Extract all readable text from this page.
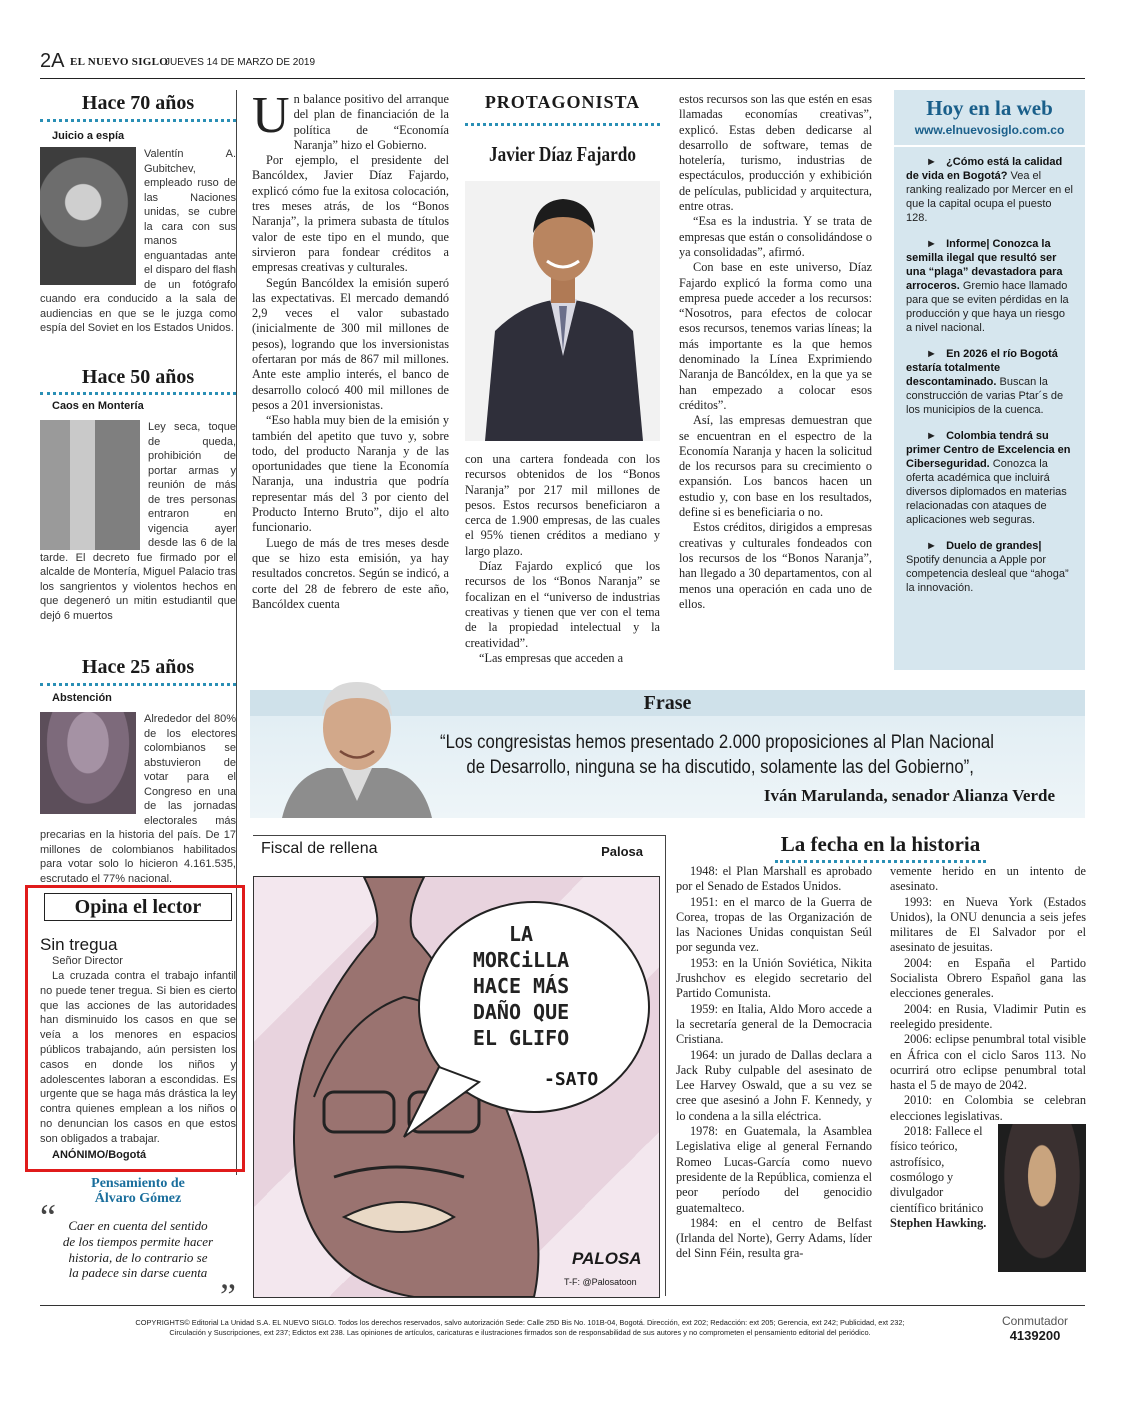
2A EL NUEVO SIGLO
JUEVES 14 DE MARZO DE 2019
Hace 70 años
Juicio a espía
Valentín A. Gubitchev, empleado ruso de las Naciones unidas, se cubre la cara con sus manos enguantadas ante el disparo del flash de un fotógrafo cuando era conducido a la sala de audiencias en que se le juzga como espía del Soviet en los Estados Unidos.
Hace 50 años
Caos en Montería
Ley seca, toque de queda, prohibición de portar armas y reunión de más de tres personas entraron en vigencia ayer desde las 6 de la tarde. El decreto fue firmado por el alcalde de Montería, Miguel Palacio tras los sangrientos y violentos hechos en que degeneró un mitin estudiantil que dejó 6 muertos
Hace 25 años
Abstención
Alrededor del 80% de los electores colombianos se abstuvieron de votar para el Congreso en una de las jornadas electorales más precarias en la historia del país. De 17 millones de colombianos habilitados para votar solo lo hicieron 4.161.535, escrutado el 77% nacional.
Opina el lector
Sin tregua
Señor Director
La cruzada contra el trabajo infantil no puede tener tregua. Si bien es cierto que las acciones de las autoridades han disminuido los casos en que se veía a los menores en espacios públicos trabajando, aún persisten los casos en donde los niños y adolescentes laboran a escondidas. Es urgente que se haga más drástica la ley contra quienes emplean a los niños o no denuncian los casos en que estos son obligados a trabajar.
ANÓNIMO/Bogotá
Pensamiento de
Álvaro Gómez
“ Caer en cuenta del sentido de los tiempos permite hacer historia, de lo contrario se la padece sin darse cuenta
”

Un balance positivo del arranque del plan de financiación de la política de “Economía Naranja” hizo el Gobierno.

Por ejemplo, el presidente del Bancóldex, Javier Díaz Fajardo, explicó cómo fue la exitosa colocación, tres meses atrás, de los “Bonos Naranja”, la primera subasta de títulos valor de este tipo en el mundo, que sirvieron para fondear créditos a empresas creativas y culturales.

Según Bancóldex la emisión superó las expectativas. El mercado demandó 2,9 veces el valor subastado (inicialmente de 300 mil millones de pesos), logrando que los inversionistas ofertaran por más de 867 mil millones. Ante este amplio interés, el banco de desarrollo colocó 400 mil millones de pesos a 201 inversionistas.

“Eso habla muy bien de la emisión y también del apetito que tuvo y, sobre todo, del producto Naranja y de las oportunidades que tiene la Economía Naranja, una industria que podría representar más del 3 por ciento del Producto Interno Bruto”, dijo el alto funcionario.

Luego de más de tres meses desde que se hizo esta emisión, ya hay resultados concretos. Según se indicó, a corte del 28 de febrero de este año, Bancóldex cuenta

PROTAGONISTA
Javier Díaz Fajardo

con una cartera fondeada con los recursos obtenidos de los “Bonos Naranja” por 217 mil millones de pesos. Estos recursos beneficiaron a cerca de 1.900 empresas, de las cuales el 95% tienen créditos a mediano y largo plazo.

Díaz Fajardo explicó que los recursos de los “Bonos Naranja” se focalizan en el “universo de industrias creativas y tienen que ver con el tema de la propiedad intelectual y la creatividad”.

“Las empresas que acceden a

estos recursos son las que estén en esas llamadas economías creativas”, explicó. Estas deben dedicarse al desarrollo de software, temas de hotelería, turismo, industrias de espectáculos, producción y exhibición de películas, publicidad y arquitectura, entre otras.

“Esa es la industria. Y se trata de empresas que están o consolidándose o ya consolidadas”, afirmó.

Con base en este universo, Díaz Fajardo explicó la forma como una empresa puede acceder a los recursos: “Nosotros, para efectos de colocar esos recursos, tenemos varias líneas; la más importante es la que hemos denominado la Línea Exprimiendo Naranja de Bancóldex, en la que ya se han empezado a colocar esos créditos”.

Así, las empresas demuestran que se encuentran en el espectro de la Economía Naranja y hacen la solicitud de los recursos para su crecimiento o expansión. Los bancos hacen un estudio y, con base en los resultados, define si es beneficiaria o no.

Estos créditos, dirigidos a empresas creativas y culturales fondeados con los recursos de los “Bonos Naranja”, han llegado a 30 departamentos, con al menos una operación en cada uno de ellos.

Hoy en la web
www.elnuevosiglo.com.co
► ¿Cómo está la calidad de vida en Bogotá? Vea el ranking realizado por Mercer en el que la capital ocupa el puesto 128.
► Informe| Conozca la semilla ilegal que resultó ser una “plaga” devastadora para arroceros. Gremio hace llamado para que se eviten pérdidas en la producción y que haya un riesgo a nivel nacional.
► En 2026 el río Bogotá estaría totalmente descontaminado. Buscan la construcción de varias Ptar´s de los municipios de la cuenca.
► Colombia tendrá su primer Centro de Excelencia en Ciberseguridad. Conozca la oferta académica que incluirá diversos diplomados en materias relacionadas con ataques de aplicaciones web seguras.
► Duelo de grandes| Spotify denuncia a Apple por competencia desleal que “ahoga” la innovación.
Frase
“Los congresistas hemos presentado 2.000 proposiciones al Plan Nacional
de Desarrollo, ninguna se ha discutido, solamente las del Gobierno”,
Iván Marulanda, senador Alianza Verde
Fiscal de rellena	Palosa
LA
MORCiLLA
HACE MÁS
DAÑO QUE
EL GLIFO
-SATO
PALOSA
T-F: @Palosatoon
La fecha en la historia

1948: el Plan Marshall es aprobado por el Senado de Estados Unidos.

1951: en el marco de la Guerra de Corea, tropas de las Organización de las Naciones Unidas conquistan Seúl por segunda vez.

1953: en la Unión Soviética, Nikita Jrushchov es elegido secretario del Partido Comunista.

1959: en Italia, Aldo Moro accede a la secretaría general de la Democracia Cristiana.

1964: un jurado de Dallas declara a Jack Ruby culpable del asesinato de Lee Harvey Oswald, que a su vez se cree que asesinó a John F. Kennedy, y lo condena a la silla eléctrica.

1978: en Guatemala, la Asamblea Legislativa elige al general Fernando Romeo Lucas-García como nuevo presidente de la República, comienza el peor período del genocidio guatemalteco.

1984: en el centro de Belfast (Irlanda del Norte), Gerry Adams, líder del Sinn Féin, resulta gra-

vemente herido en un intento de asesinato.

1993: en Nueva York (Estados Unidos), la ONU denuncia a seis jefes militares de El Salvador por el asesinato de jesuitas.

2004: en España el Partido Socialista Obrero Español gana las elecciones generales.

2004: en Rusia, Vladimir Putin es reelegido presidente.

2006: eclipse penumbral total visible en África con el ciclo Saros 113. No ocurrirá otro eclipse penumbral total hasta el 5 de mayo de 2042.

2010: en Colombia se celebran elecciones legislativas.

2018: Fallece el físico teórico, astrofísico, cosmólogo y divulgador científico británico Stephen Hawking.

COPYRIGHTS© Editorial La Unidad S.A. EL NUEVO SIGLO. Todos los derechos reservados, salvo autorización Sede: Calle 25D Bis No. 101B-04, Bogotá. Dirección, ext 202; Redacción: ext 205; Gerencia, ext 242; Publicidad, ext 232;
Circulación y Suscripciones, ext 237; Edictos ext 238. Las opiniones de artículos, caricaturas e ilustraciones firmados son de responsabilidad de sus autores y no comprometen el pensamiento editorial del periódico.
Conmutador
4139200
